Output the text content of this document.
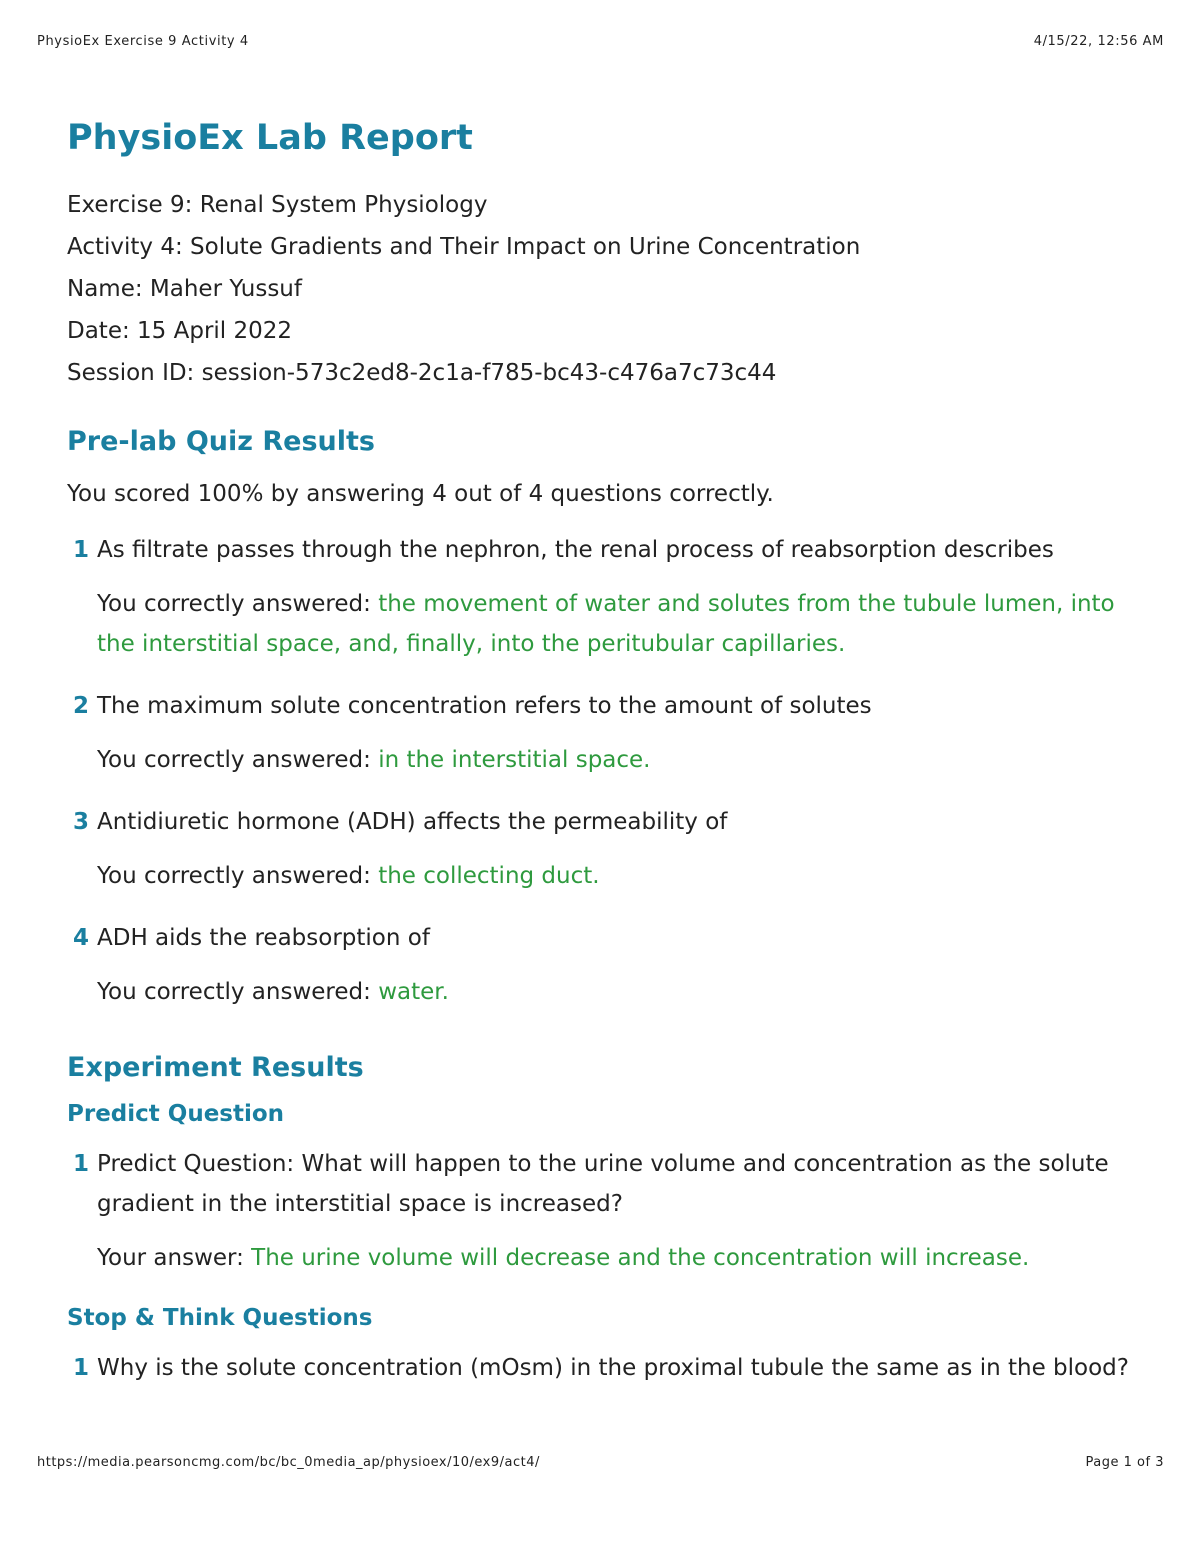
PhysioEx Exercise 9 Activity 4	4/15/22, 12:56 AM
PhysioEx Lab Report
Exercise 9: Renal System Physiology
Activity 4: Solute Gradients and Their Impact on Urine Concentration
Name: Maher Yussuf
Date: 15 April 2022
Session ID: session-573c2ed8-2c1a-f785-bc43-c476a7c73c44
Pre-lab Quiz Results
You scored 100% by answering 4 out of 4 questions correctly.
1 As filtrate passes through the nephron, the renal process of reabsorption describes
You correctly answered: the movement of water and solutes from the tubule lumen, into the interstitial space, and, finally, into the peritubular capillaries.
2 The maximum solute concentration refers to the amount of solutes
You correctly answered: in the interstitial space.
3 Antidiuretic hormone (ADH) affects the permeability of
You correctly answered: the collecting duct.
4 ADH aids the reabsorption of
You correctly answered: water.
Experiment Results
Predict Question
1 Predict Question: What will happen to the urine volume and concentration as the solute gradient in the interstitial space is increased?
Your answer: The urine volume will decrease and the concentration will increase.
Stop & Think Questions
1 Why is the solute concentration (mOsm) in the proximal tubule the same as in the blood?
https://media.pearsoncmg.com/bc/bc_0media_ap/physioex/10/ex9/act4/	Page 1 of 3
